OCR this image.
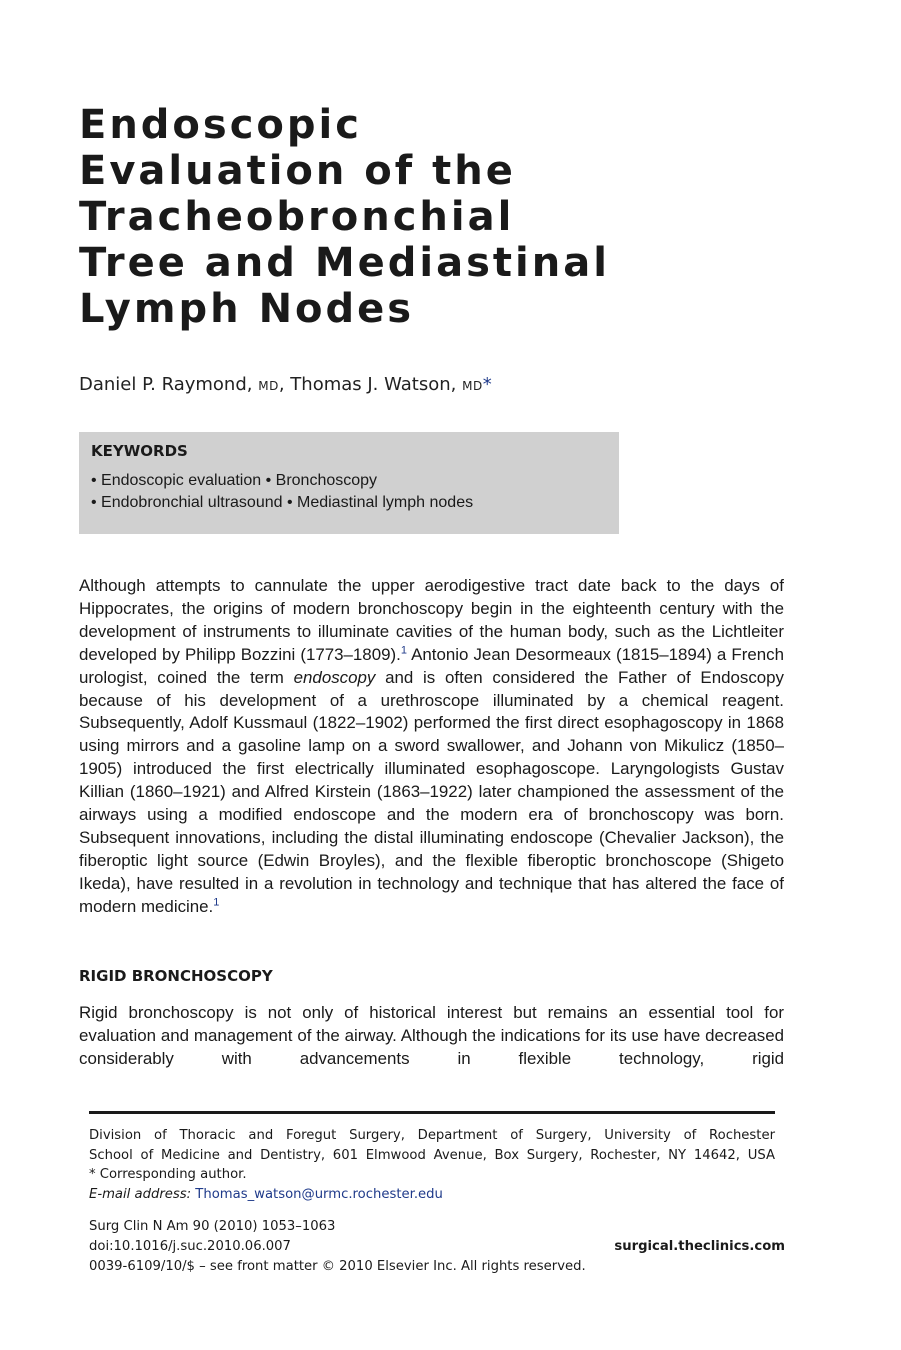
Endoscopic
Evaluation of the
Tracheobronchial
Tree and Mediastinal
Lymph Nodes
Daniel P. Raymond, MD, Thomas J. Watson, MD*
KEYWORDS
• Endoscopic evaluation • Bronchoscopy
• Endobronchial ultrasound • Mediastinal lymph nodes

Although attempts to cannulate the upper aerodigestive tract date back to the days of Hippocrates, the origins of modern bronchoscopy begin in the eighteenth century with the development of instruments to illuminate cavities of the human body, such as the Lichtleiter developed by Philipp Bozzini (1773–1809).$^1$ Antonio Jean Desormeaux (1815–1894) a French urologist, coined the term endoscopy and is often considered the Father of Endoscopy because of his development of a urethroscope illuminated by a chemical reagent. Subsequently, Adolf Kussmaul (1822–1902) performed the first direct esophagoscopy in 1868 using mirrors and a gasoline lamp on a sword swallower, and Johann von Mikulicz (1850–1905) introduced the first electrically illuminated esophagoscope. Laryngologists Gustav Killian (1860–1921) and Alfred Kirstein (1863–1922) later championed the assessment of the airways using a modified endoscope and the modern era of bronchoscopy was born. Subsequent innovations, including the distal illuminating endoscope (Chevalier Jackson), the fiberoptic light source (Edwin Broyles), and the flexible fiberoptic bronchoscope (Shigeto Ikeda), have resulted in a revolution in technology and technique that has altered the face of modern medicine.$^1$

RIGID BRONCHOSCOPY

Rigid bronchoscopy is not only of historical interest but remains an essential tool for evaluation and management of the airway. Although the indications for its use have decreased considerably with advancements in flexible technology, rigid

Division of Thoracic and Foregut Surgery, Department of Surgery, University of Rochester
School of Medicine and Dentistry, 601 Elmwood Avenue, Box Surgery, Rochester, NY 14642, USA
* Corresponding author.
E-mail address: Thomas_watson@urmc.rochester.edu
Surg Clin N Am 90 (2010) 1053–1063
doi:10.1016/j.suc.2010.06.007	surgical.theclinics.com
0039-6109/10/$ – see front matter © 2010 Elsevier Inc. All rights reserved.
